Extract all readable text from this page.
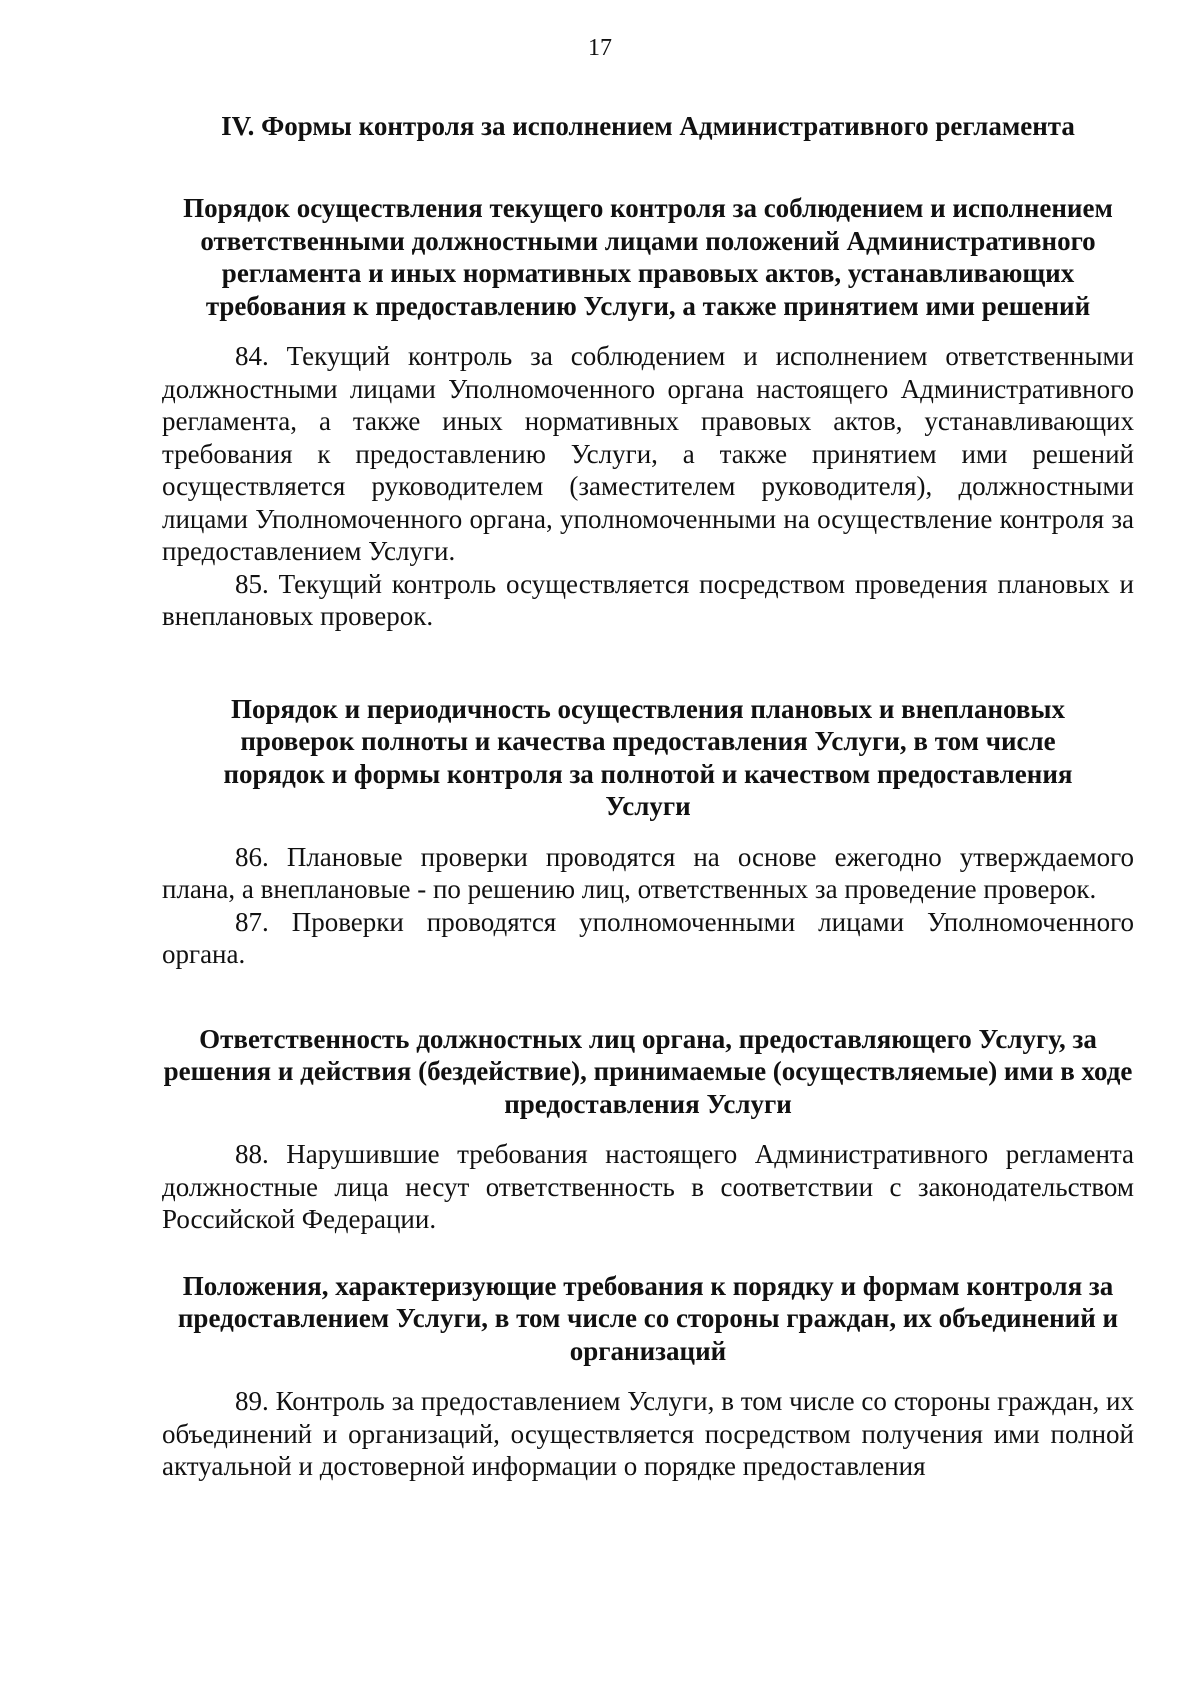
17
IV. Формы контроля за исполнением Административного регламента
Порядок осуществления текущего контроля за соблюдением и исполнением ответственными должностными лицами положений Административного регламента и иных нормативных правовых актов, устанавливающих требования к предоставлению Услуги, а также принятием ими решений

84. Текущий контроль за соблюдением и исполнением ответственными должностными лицами Уполномоченного органа настоящего Административного регламента, а также иных нормативных правовых актов, устанавливающих требования к предоставлению Услуги, а также принятием ими решений осуществляется руководителем (заместителем руководителя), должностными лицами Уполномоченного органа, уполномоченными на осуществление контроля за предоставлением Услуги.

85. Текущий контроль осуществляется посредством проведения плановых и внеплановых проверок.

Порядок и периодичность осуществления плановых и внеплановых проверок полноты и качества предоставления Услуги, в том числе порядок и формы контроля за полнотой и качеством предоставления Услуги

86. Плановые проверки проводятся на основе ежегодно утверждаемого плана, а внеплановые - по решению лиц, ответственных за проведение проверок.

87. Проверки проводятся уполномоченными лицами Уполномоченного органа.

Ответственность должностных лиц органа, предоставляющего Услугу, за решения и действия (бездействие), принимаемые (осуществляемые) ими в ходе предоставления Услуги

88. Нарушившие требования настоящего Административного регламента должностные лица несут ответственность в соответствии с законодательством Российской Федерации.

Положения, характеризующие требования к порядку и формам контроля за предоставлением Услуги, в том числе со стороны граждан, их объединений и организаций

89. Контроль за предоставлением Услуги, в том числе со стороны граждан, их объединений и организаций, осуществляется посредством получения ими полной актуальной и достоверной информации о порядке предоставления
